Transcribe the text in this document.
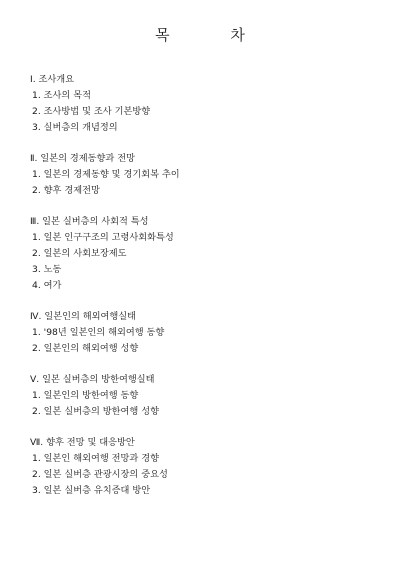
목 차
Ⅰ. 조사개요
1. 조사의 목적
2. 조사방법 및 조사 기본방향
3. 실버층의 개념정의
Ⅱ. 일본의 경제동향과 전망
1. 일본의 경제동향 및 경기회복 추이
2. 향후 경제전망
Ⅲ. 일본 실버층의 사회적 특성
1. 일본 인구구조의 고령사회화특성
2. 일본의 사회보장제도
3. 노동
4. 여가
Ⅳ. 일본인의 해외여행실태
1. '98년 일본인의 해외여행 동향
2. 일본인의 해외여행 성향
Ⅴ. 일본 실버층의 방한여행실태
1. 일본인의 방한여행 동향
2. 일본 실버층의 방한여행 성향
Ⅶ. 향후 전망 및 대응방안
1. 일본인 해외여행 전망과 경향
2. 일본 실버층 관광시장의 중요성
3. 일본 실버층 유치증대 방안
